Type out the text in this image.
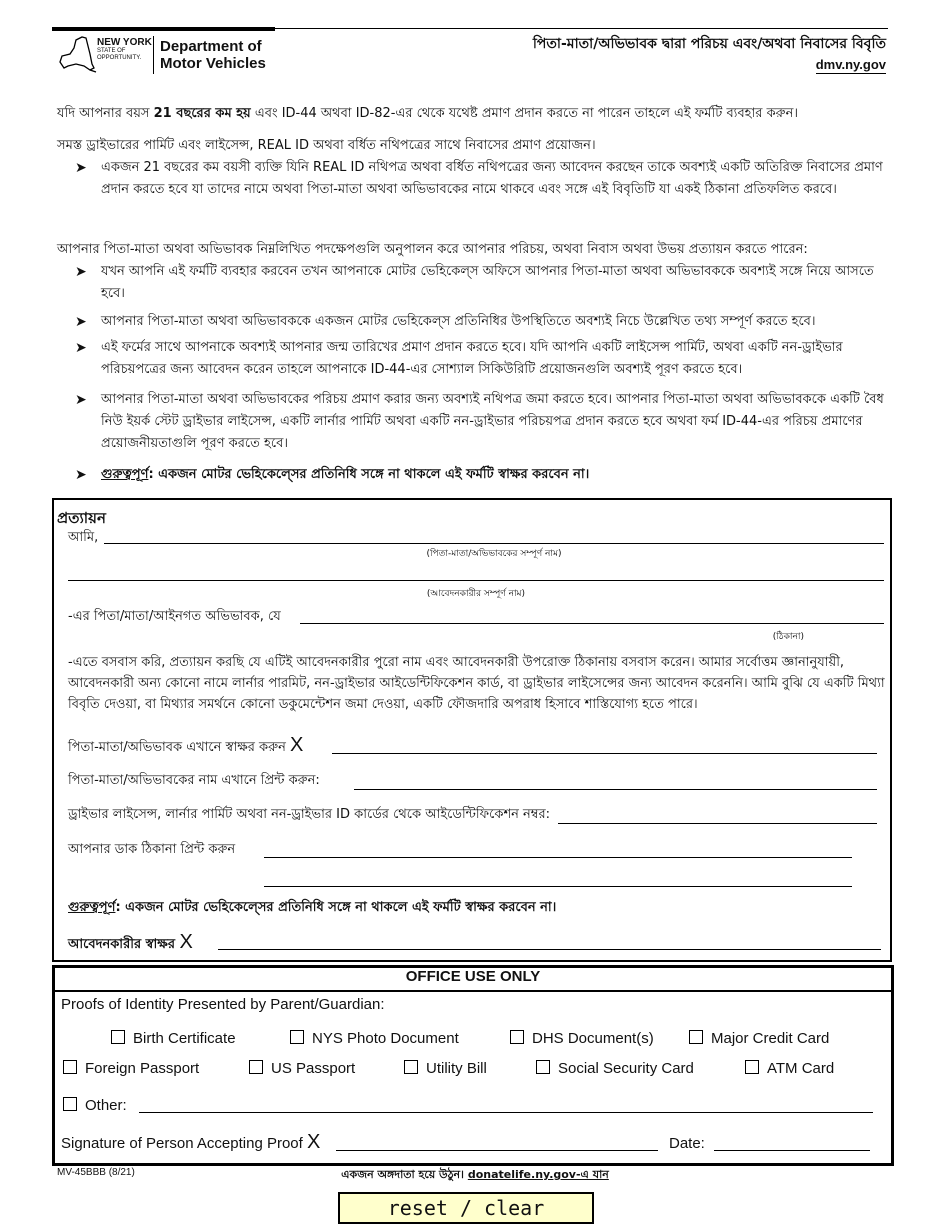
NEW YORK
STATE OF
OPPORTUNITY.
Department of
Motor Vehicles
পিতা-মাতা/অভিভাবক দ্বারা পরিচয় এবং/অথবা নিবাসের বিবৃতি
dmv.ny.gov
যদি আপনার বয়স 21 বছরের কম হয় এবং ID-44 অথবা ID-82-এর থেকে যথেষ্ট প্রমাণ প্রদান করতে না পারেন তাহলে এই ফর্মটি ব্যবহার করুন।
সমস্ত ড্রাইভারের পার্মিট এবং লাইসেন্স, REAL ID অথবা বর্ধিত নথিপত্রের সাথে নিবাসের প্রমাণ প্রয়োজন।
➤ একজন 21 বছরের কম বয়সী ব্যক্তি যিনি REAL ID নথিপত্র অথবা বর্ধিত নথিপত্রের জন্য আবেদন করছেন তাকে অবশ্যই একটি অতিরিক্ত নিবাসের প্রমাণ প্রদান করতে হবে যা তাদের নামে অথবা পিতা-মাতা অথবা অভিভাবকের নামে থাকবে এবং সঙ্গে এই বিবৃতিটি যা একই ঠিকানা প্রতিফলিত করবে।
আপনার পিতা-মাতা অথবা অভিভাবক নিম্নলিখিত পদক্ষেপগুলি অনুপালন করে আপনার পরিচয়, অথবা নিবাস অথবা উভয় প্রত্যায়ন করতে পারেন:
➤ যখন আপনি এই ফর্মটি ব্যবহার করবেন তখন আপনাকে মোটর ভেহিকেল্স অফিসে আপনার পিতা-মাতা অথবা অভিভাবককে অবশ্যই সঙ্গে নিয়ে আসতে হবে।
➤ আপনার পিতা-মাতা অথবা অভিভাবককে একজন মোটর ভেহিকেল্স প্রতিনিধির উপস্থিতিতে অবশ্যই নিচে উল্লেখিত তথ্য সম্পূর্ণ করতে হবে।
➤ এই ফর্মের সাথে আপনাকে অবশ্যই আপনার জন্ম তারিখের প্রমাণ প্রদান করতে হবে। যদি আপনি একটি লাইসেন্স পার্মিট, অথবা একটি নন-ড্রাইভার পরিচয়পত্রের জন্য আবেদন করেন তাহলে আপনাকে ID-44-এর সোশ্যাল সিকিউরিটি প্রয়োজনগুলি অবশ্যই পূরণ করতে হবে।
➤ আপনার পিতা-মাতা অথবা অভিভাবকের পরিচয় প্রমাণ করার জন্য অবশ্যই নথিপত্র জমা করতে হবে। আপনার পিতা-মাতা অথবা অভিভাবককে একটি বৈধ নিউ ইয়র্ক স্টেট ড্রাইভার লাইসেন্স, একটি লার্নার পার্মিট অথবা একটি নন-ড্রাইভার পরিচয়পত্র প্রদান করতে হবে অথবা ফর্ম ID-44-এর পরিচয় প্রমাণের প্রয়োজনীয়তাগুলি পূরণ করতে হবে।
➤ গুরুত্বপূর্ণ: একজন মোটর ভেহিকেল্সের প্রতিনিধি সঙ্গে না থাকলে এই ফর্মটি স্বাক্ষর করবেন না।
প্রত্যায়ন
আমি,
(পিতা-মাতা/অভিভাবকের সম্পূর্ণ নাম)
(আবেদনকারীর সম্পূর্ণ নাম)
-এর পিতা/মাতা/আইনগত অভিভাবক, যে
(ঠিকানা)
-এতে বসবাস করি, প্রত্যায়ন করছি যে এটিই আবেদনকারীর পুরো নাম এবং আবেদনকারী উপরোক্ত ঠিকানায় বসবাস করেন। আমার সর্বোত্তম জ্ঞানানুযায়ী, আবেদনকারী অন্য কোনো নামে লার্নার পারমিট, নন-ড্রাইভার আইডেন্টিফিকেশন কার্ড, বা ড্রাইভার লাইসেন্সের জন্য আবেদন করেননি। আমি বুঝি যে একটি মিথ্যা বিবৃতি দেওয়া, বা মিথ্যার সমর্থনে কোনো ডকুমেন্টেশন জমা দেওয়া, একটি ফৌজদারি অপরাধ হিসাবে শাস্তিযোগ্য হতে পারে।
পিতা-মাতা/অভিভাবক এখানে স্বাক্ষর করুন X
পিতা-মাতা/অভিভাবকের নাম এখানে প্রিন্ট করুন:
ড্রাইভার লাইসেন্স, লার্নার পার্মিট অথবা নন-ড্রাইভার ID কার্ডের থেকে আইডেন্টিফিকেশন নম্বর:
আপনার ডাক ঠিকানা প্রিন্ট করুন
গুরুত্বপূর্ণ: একজন মোটর ভেহিকেল্সের প্রতিনিধি সঙ্গে না থাকলে এই ফর্মটি স্বাক্ষর করবেন না।
আবেদনকারীর স্বাক্ষর X
OFFICE USE ONLY
Proofs of Identity Presented by Parent/Guardian:
Birth Certificate	NYS Photo Document	DHS Document(s)	Major Credit Card
Foreign Passport	US Passport	Utility Bill	Social Security Card	ATM Card
Other:
Signature of Person Accepting Proof X	Date:
MV-45BBB (8/21)	একজন অঙ্গদাতা হয়ে উঠুন। donatelife.ny.gov-এ যান
reset / clear
